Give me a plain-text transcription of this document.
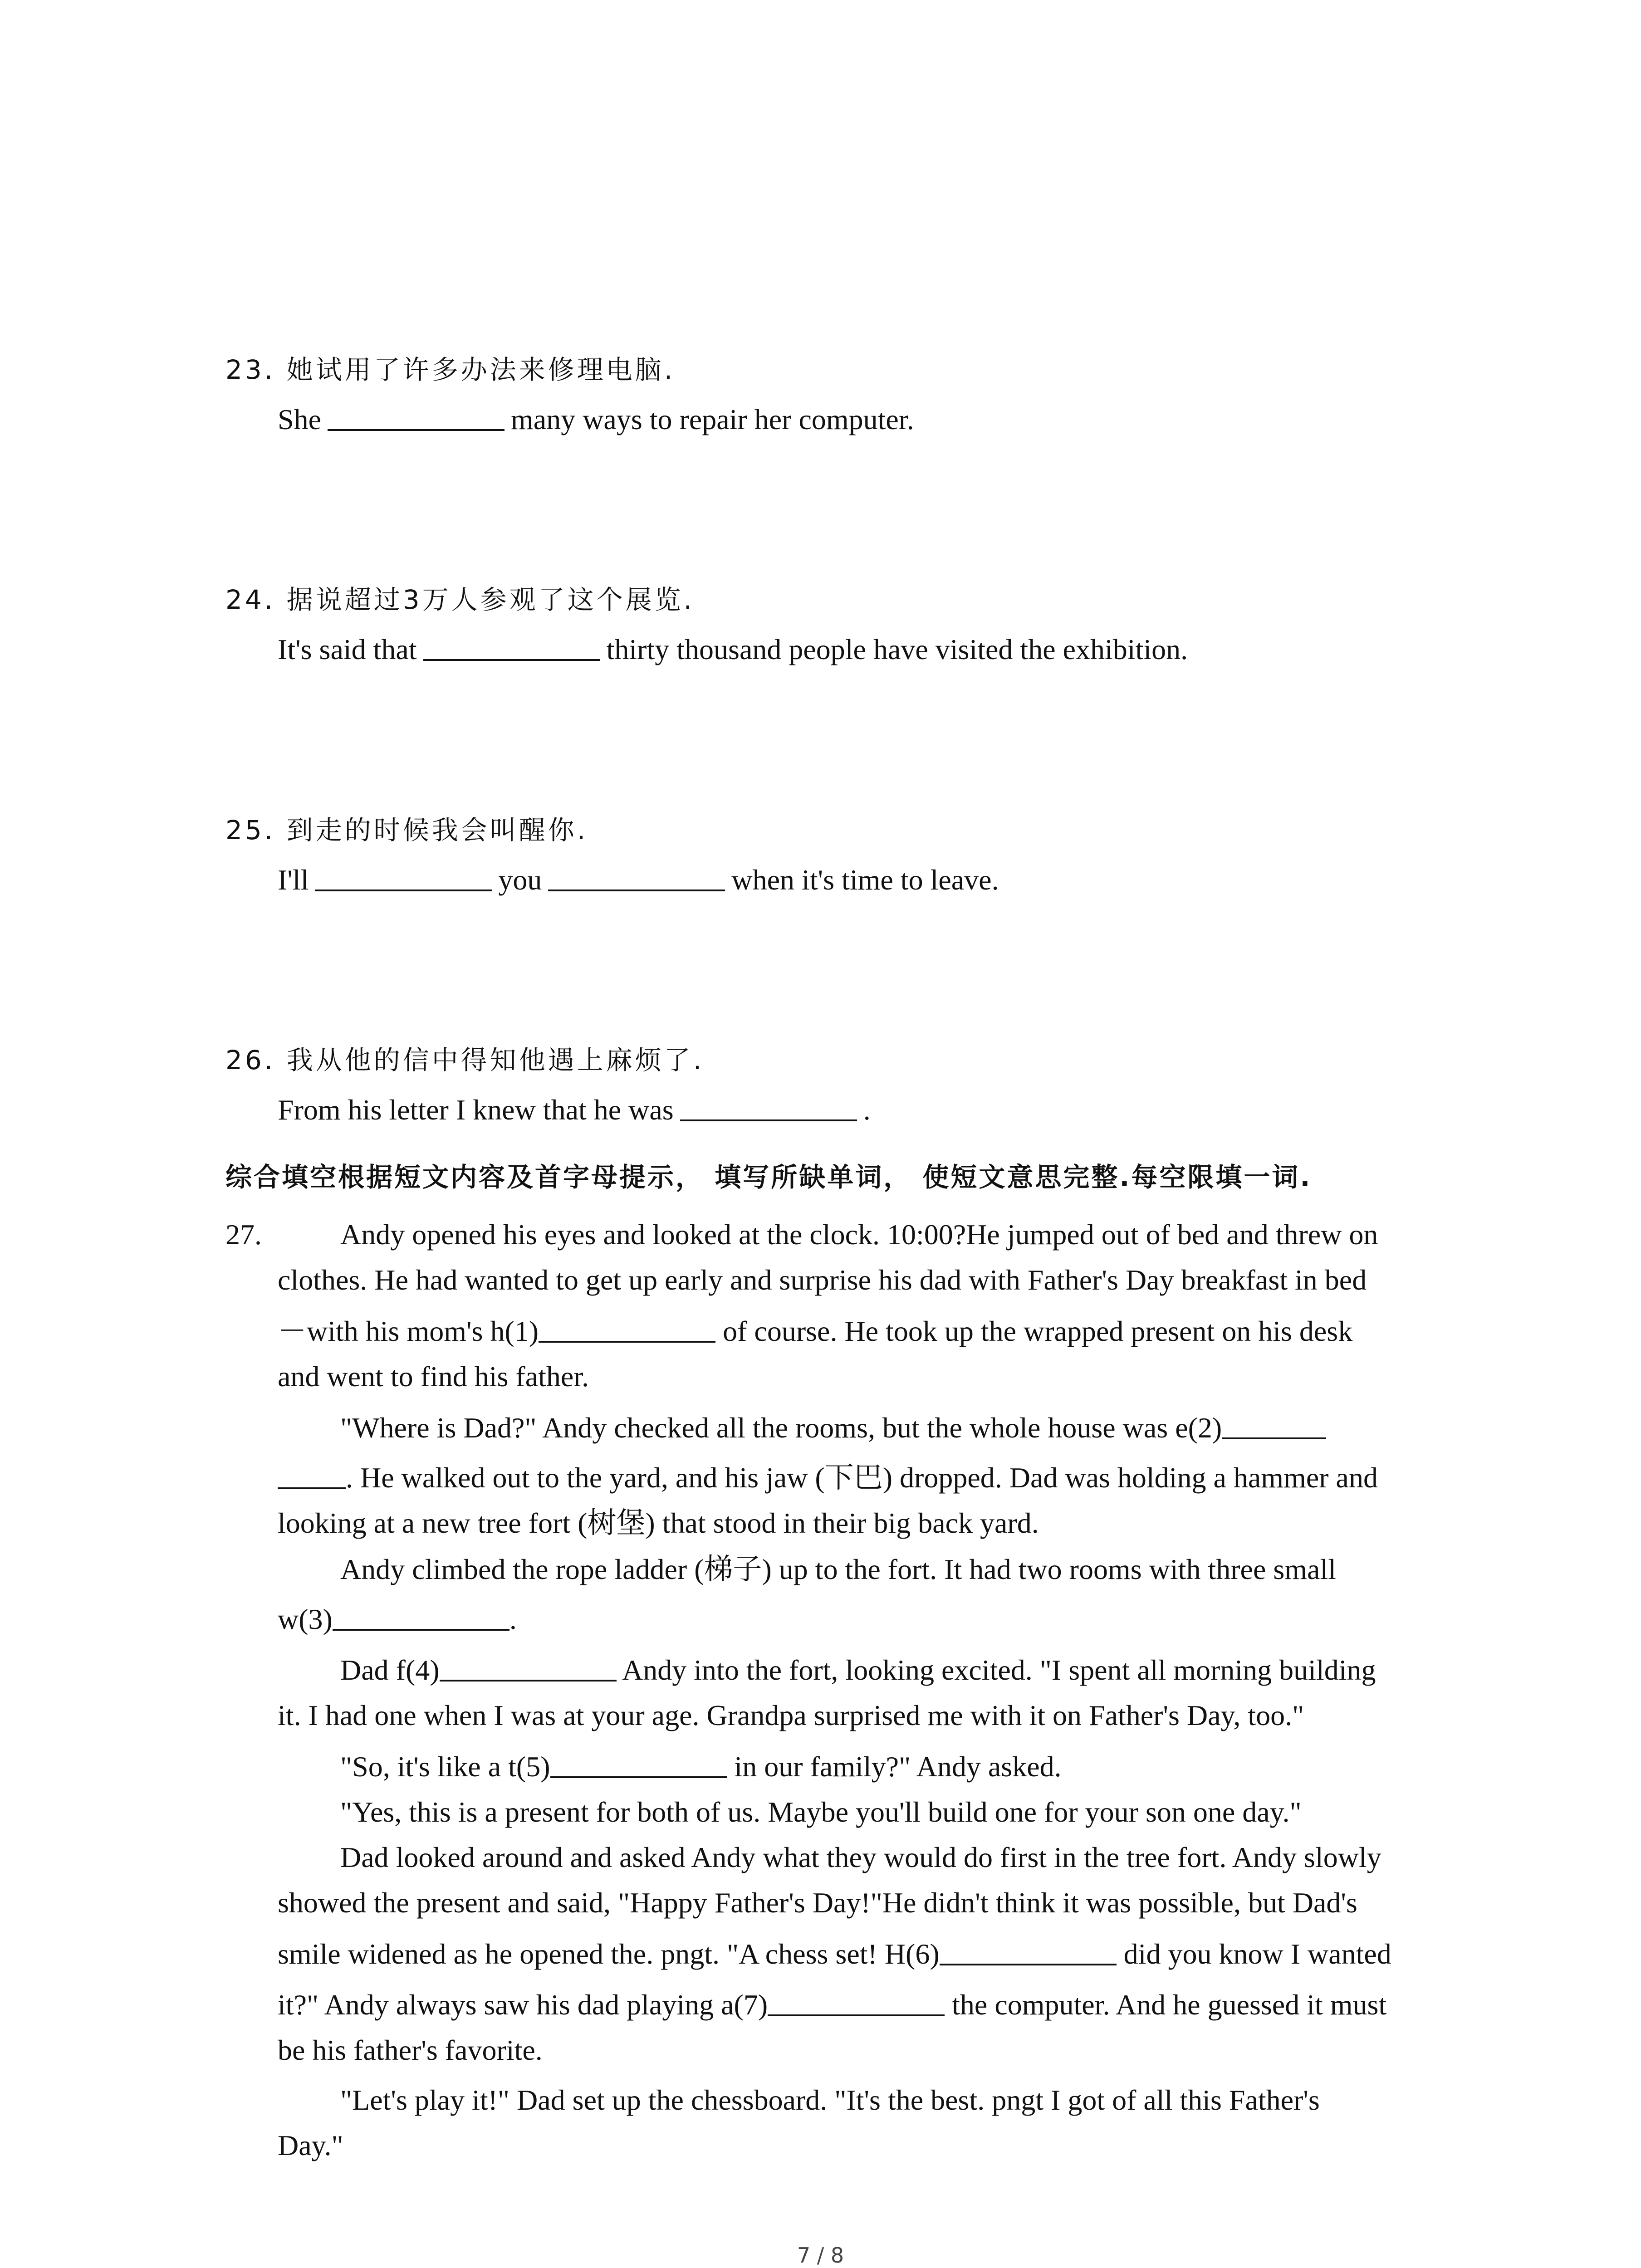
23. 她试用了许多办法来修理电脑.
She	many ways to repair her computer.
24. 据说超过3万人参观了这个展览.
It's said that	thirty thousand people have visited the exhibition.
25. 到走的时候我会叫醒你.
I'll	you	when it's time to leave.
26. 我从他的信中得知他遇上麻烦了.
From his letter I knew that he was	.
综合填空根据短文内容及首字母提示， 填写所缺单词， 使短文意思完整.每空限填一词.
27.	Andy opened his eyes and looked at the clock. 10:00?He jumped out of bed and threw on
clothes. He had wanted to get up early and surprise his dad with Father's Day breakfast in bed
－with his mom's h(1)	of course. He took up the wrapped present on his desk
and went to find his father.
"Where is Dad?" Andy checked all the rooms, but the whole house was e(2)
. He walked out to the yard, and his jaw (下巴) dropped. Dad was holding a hammer and
looking at a new tree fort (树堡) that stood in their big back yard.
Andy climbed the rope ladder (梯子) up to the fort. It had two rooms with three small
w(3)	.
Dad f(4)	Andy into the fort, looking excited. "I spent all morning building
it. I had one when I was at your age. Grandpa surprised me with it on Father's Day, too."
"So, it's like a t(5)	in our family?" Andy asked.
"Yes, this is a present for both of us. Maybe you'll build one for your son one day."
Dad looked around and asked Andy what they would do first in the tree fort. Andy slowly
showed the present and said, "Happy Father's Day!"He didn't think it was possible, but Dad's
smile widened as he opened the. pngt. "A chess set! H(6)	did you know I wanted
it?" Andy always saw his dad playing a(7)	the computer. And he guessed it must
be his father's favorite.
"Let's play it!" Dad set up the chessboard. "It's the best. pngt I got of all this Father's
Day."
7 / 8
